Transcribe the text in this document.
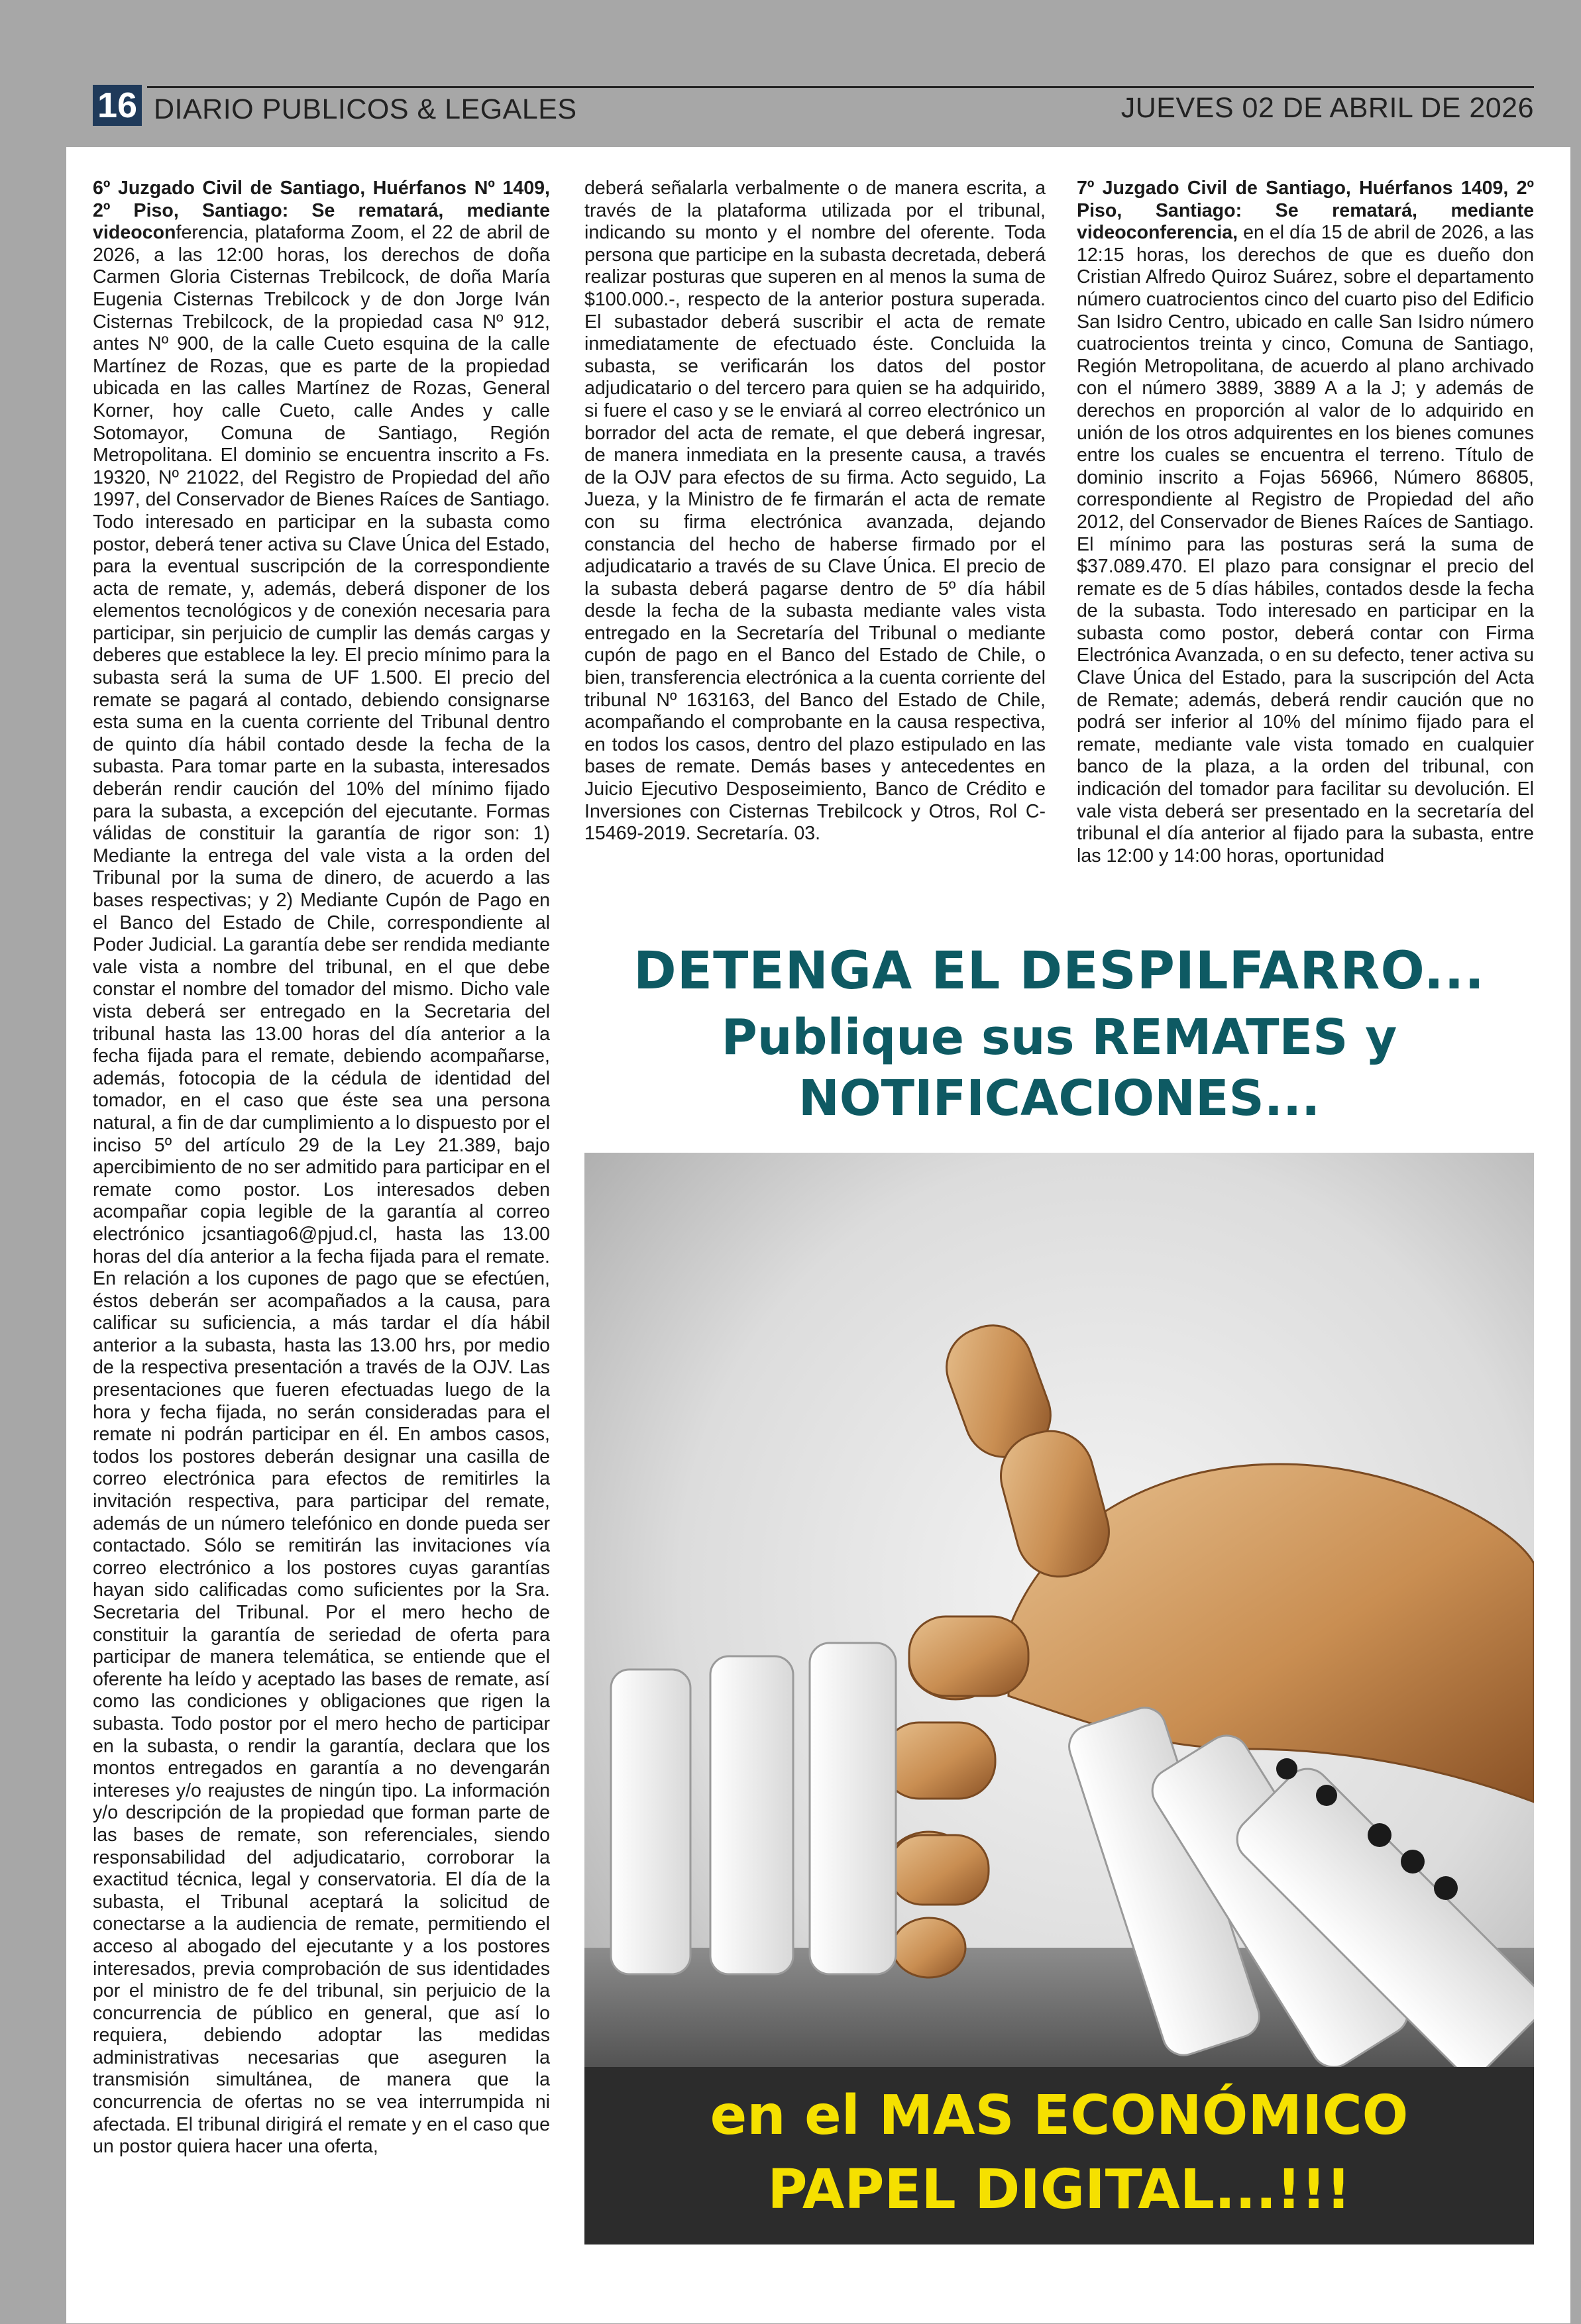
16 DIARIO PUBLICOS & LEGALES	JUEVES 02 DE ABRIL DE 2026
6º Juzgado Civil de Santiago, Huérfanos Nº 1409, 2º Piso, Santiago: Se rematará, mediante videoconferencia, plataforma Zoom, el 22 de abril de 2026, a las 12:00 horas, los derechos de doña Carmen Gloria Cisternas Trebilcock, de doña María Eugenia Cisternas Trebilcock y de don Jorge Iván Cisternas Trebilcock, de la propiedad casa Nº 912, antes Nº 900, de la calle Cueto esquina de la calle Martínez de Rozas, que es parte de la propiedad ubicada en las calles Martínez de Rozas, General Korner, hoy calle Cueto, calle Andes y calle Sotomayor, Comuna de Santiago, Región Metropolitana. El dominio se encuentra inscrito a Fs. 19320, Nº 21022, del Registro de Propiedad del año 1997, del Conservador de Bienes Raíces de Santiago. Todo interesado en participar en la subasta como postor, deberá tener activa su Clave Única del Estado, para la eventual suscripción de la correspondiente acta de remate, y, además, deberá disponer de los elementos tecnológicos y de conexión necesaria para participar, sin perjuicio de cumplir las demás cargas y deberes que establece la ley. El precio mínimo para la subasta será la suma de UF 1.500. El precio del remate se pagará al contado, debiendo consignarse esta suma en la cuenta corriente del Tribunal dentro de quinto día hábil contado desde la fecha de la subasta. Para tomar parte en la subasta, interesados deberán rendir caución del 10% del mínimo fijado para la subasta, a excepción del ejecutante. Formas válidas de constituir la garantía de rigor son: 1) Mediante la entrega del vale vista a la orden del Tribunal por la suma de dinero, de acuerdo a las bases respectivas; y 2) Mediante Cupón de Pago en el Banco del Estado de Chile, correspondiente al Poder Judicial. La garantía debe ser rendida mediante vale vista a nombre del tribunal, en el que debe constar el nombre del tomador del mismo. Dicho vale vista deberá ser entregado en la Secretaria del tribunal hasta las 13.00 horas del día anterior a la fecha fijada para el remate, debiendo acompañarse, además, fotocopia de la cédula de identidad del tomador, en el caso que éste sea una persona natural, a fin de dar cumplimiento a lo dispuesto por el inciso 5º del artículo 29 de la Ley 21.389, bajo apercibimiento de no ser admitido para participar en el remate como postor. Los interesados deben acompañar copia legible de la garantía al correo electrónico jcsantiago6@pjud.cl, hasta las 13.00 horas del día anterior a la fecha fijada para el remate. En relación a los cupones de pago que se efectúen, éstos deberán ser acompañados a la causa, para calificar su suficiencia, a más tardar el día hábil anterior a la subasta, hasta las 13.00 hrs, por medio de la respectiva presentación a través de la OJV. Las presentaciones que fueren efectuadas luego de la hora y fecha fijada, no serán consideradas para el remate ni podrán participar en él. En ambos casos, todos los postores deberán designar una casilla de correo electrónica para efectos de remitirles la invitación respectiva, para participar del remate, además de un número telefónico en donde pueda ser contactado. Sólo se remitirán las invitaciones vía correo electrónico a los postores cuyas garantías hayan sido calificadas como suficientes por la Sra. Secretaria del Tribunal. Por el mero hecho de constituir la garantía de seriedad de oferta para participar de manera telemática, se entiende que el oferente ha leído y aceptado las bases de remate, así como las condiciones y obligaciones que rigen la subasta. Todo postor por el mero hecho de participar en la subasta, o rendir la garantía, declara que los montos entregados en garantía a no devengarán intereses y/o reajustes de ningún tipo. La información y/o descripción de la propiedad que forman parte de las bases de remate, son referenciales, siendo responsabilidad del adjudicatario, corroborar la exactitud técnica, legal y conservatoria. El día de la subasta, el Tribunal aceptará la solicitud de conectarse a la audiencia de remate, permitiendo el acceso al abogado del ejecutante y a los postores interesados, previa comprobación de sus identidades por el ministro de fe del tribunal, sin perjuicio de la concurrencia de público en general, que así lo requiera, debiendo adoptar las medidas administrativas necesarias que aseguren la transmisión simultánea, de manera que la concurrencia de ofertas no se vea interrumpida ni afectada. El tribunal dirigirá el remate y en el caso que un postor quiera hacer una oferta,
deberá señalarla verbalmente o de manera escrita, a través de la plataforma utilizada por el tribunal, indicando su monto y el nombre del oferente. Toda persona que participe en la subasta decretada, deberá realizar posturas que superen en al menos la suma de $100.000.-, respecto de la anterior postura superada. El subastador deberá suscribir el acta de remate inmediatamente de efectuado éste. Concluida la subasta, se verificarán los datos del postor adjudicatario o del tercero para quien se ha adquirido, si fuere el caso y se le enviará al correo electrónico un borrador del acta de remate, el que deberá ingresar, de manera inmediata en la presente causa, a través de la OJV para efectos de su firma. Acto seguido, La Jueza, y la Ministro de fe firmarán el acta de remate con su firma electrónica avanzada, dejando constancia del hecho de haberse firmado por el adjudicatario a través de su Clave Única. El precio de la subasta deberá pagarse dentro de 5º día hábil desde la fecha de la subasta mediante vales vista entregado en la Secretaría del Tribunal o mediante cupón de pago en el Banco del Estado de Chile, o bien, transferencia electrónica a la cuenta corriente del tribunal Nº 163163, del Banco del Estado de Chile, acompañando el comprobante en la causa respectiva, en todos los casos, dentro del plazo estipulado en las bases de remate. Demás bases y antecedentes en Juicio Ejecutivo Desposeimiento, Banco de Crédito e Inversiones con Cisternas Trebilcock y Otros, Rol C-15469-2019. Secretaría. 03.
7º Juzgado Civil de Santiago, Huérfanos 1409, 2º Piso, Santiago: Se rematará, mediante videoconferencia, en el día 15 de abril de 2026, a las 12:15 horas, los derechos de que es dueño don Cristian Alfredo Quiroz Suárez, sobre el departamento número cuatrocientos cinco del cuarto piso del Edificio San Isidro Centro, ubicado en calle San Isidro número cuatrocientos treinta y cinco, Comuna de Santiago, Región Metropolitana, de acuerdo al plano archivado con el número 3889, 3889 A a la J; y además de derechos en proporción al valor de lo adquirido en unión de los otros adquirentes en los bienes comunes entre los cuales se encuentra el terreno. Título de dominio inscrito a Fojas 56966, Número 86805, correspondiente al Registro de Propiedad del año 2012, del Conservador de Bienes Raíces de Santiago. El mínimo para las posturas será la suma de $37.089.470. El plazo para consignar el precio del remate es de 5 días hábiles, contados desde la fecha de la subasta. Todo interesado en participar en la subasta como postor, deberá contar con Firma Electrónica Avanzada, o en su defecto, tener activa su Clave Única del Estado, para la suscripción del Acta de Remate; además, deberá rendir caución que no podrá ser inferior al 10% del mínimo fijado para el remate, mediante vale vista tomado en cualquier banco de la plaza, a la orden del tribunal, con indicación del tomador para facilitar su devolución. El vale vista deberá ser presentado en la secretaría del tribunal el día anterior al fijado para la subasta, entre las 12:00 y 14:00 horas, oportunidad
DETENGA EL DESPILFARRO...
Publique sus REMATES y
NOTIFICACIONES...
en el MAS ECONÓMICO
PAPEL DIGITAL...!!!
